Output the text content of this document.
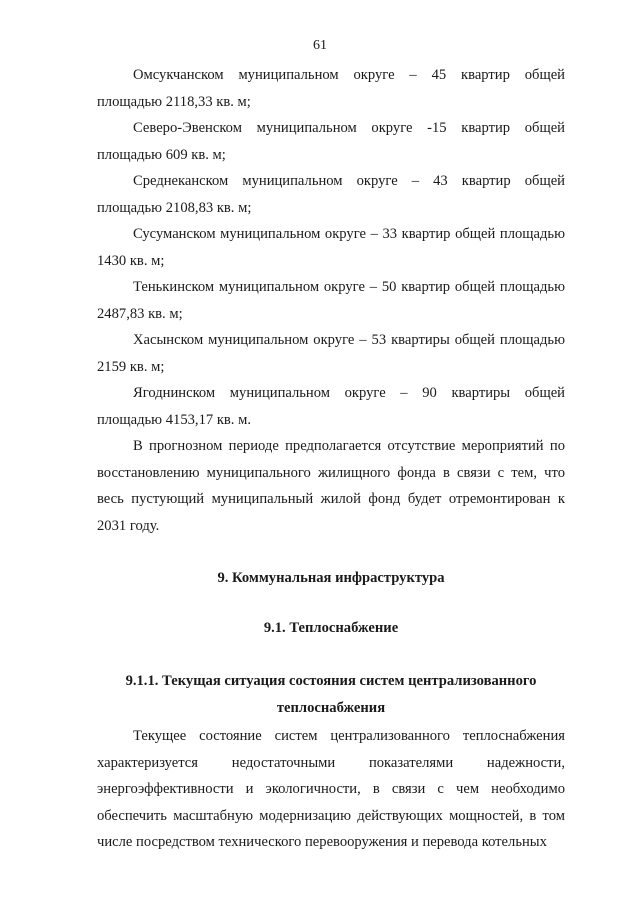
61

Омсукчанском муниципальном округе – 45 квартир общей площадью 2118,33 кв. м;

Северо-Эвенском муниципальном округе -15 квартир общей площадью 609 кв. м;

Среднеканском муниципальном округе – 43 квартир общей площадью 2108,83 кв. м;

Сусуманском муниципальном округе – 33 квартир общей площадью 1430 кв. м;

Тенькинском муниципальном округе – 50 квартир общей площадью 2487,83 кв. м;

Хасынском муниципальном округе – 53 квартиры общей площадью 2159 кв. м;

Ягоднинском муниципальном округе – 90 квартиры общей площадью 4153,17 кв. м.

В прогнозном периоде предполагается отсутствие мероприятий по восстановлению муниципального жилищного фонда в связи с тем, что весь пустующий муниципальный жилой фонд будет отремонтирован к 2031 году.

9. Коммунальная инфраструктура

9.1. Теплоснабжение

9.1.1. Текущая ситуация состояния систем централизованного теплоснабжения

Текущее состояние систем централизованного теплоснабжения характеризуется недостаточными показателями надежности, энергоэффективности и экологичности, в связи с чем необходимо обеспечить масштабную модернизацию действующих мощностей, в том числе посредством технического перевооружения и перевода котельных
